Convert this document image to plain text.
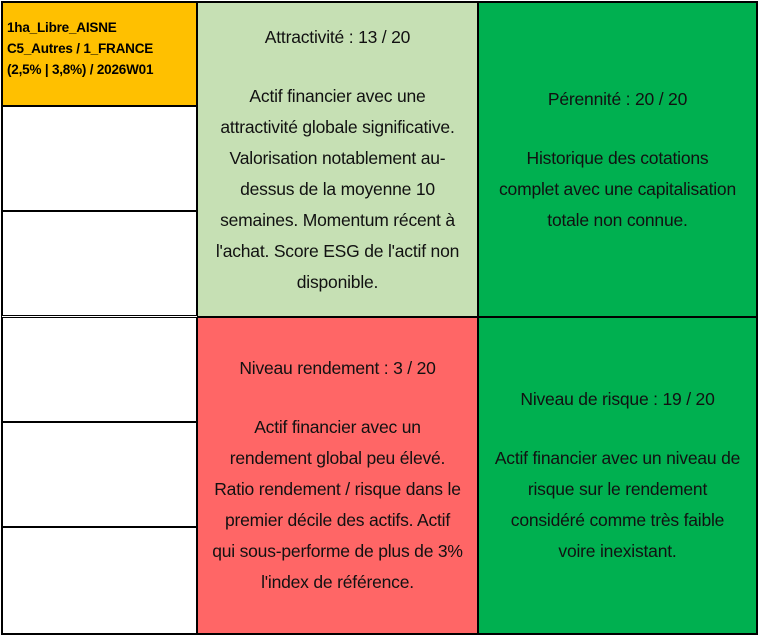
1ha_Libre_AISNE
C5_Autres / 1_FRANCE
(2,5% | 3,8%) / 2026W01
Attractivité : 13 / 20
Actif financier avec une
attractivité globale significative.
Valorisation notablement au-
dessus de la moyenne 10
semaines. Momentum récent à
l'achat. Score ESG de l'actif non
disponible.
Pérennité : 20 / 20
Historique des cotations
complet avec une capitalisation
totale non connue.
Niveau rendement : 3 / 20
Actif financier avec un
rendement global peu élevé.
Ratio rendement / risque dans le
premier décile des actifs. Actif
qui sous-performe de plus de 3%
l'index de référence.
Niveau de risque : 19 / 20
Actif financier avec un niveau de
risque sur le rendement
considéré comme très faible
voire inexistant.
